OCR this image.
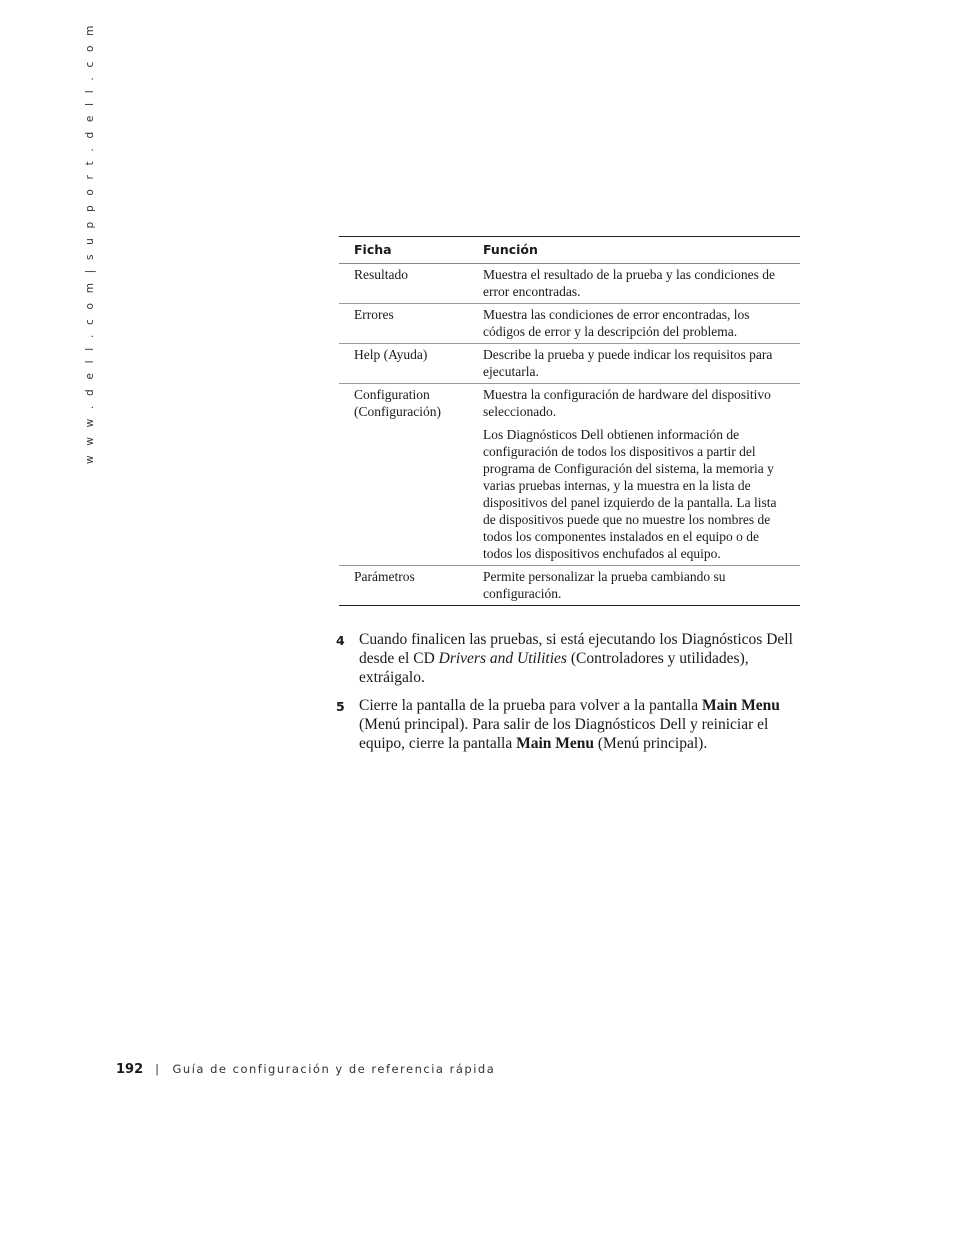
w w w . d e l l . c o m | s u p p o r t . d e l l . c o m	Ficha	Función
Resultado	Muestra el resultado de la prueba y las condiciones de error encontradas.

Errores	Muestra las condiciones de error encontradas, los códigos de error y la descripción del problema.

Help (Ayuda)	Describe la prueba y puede indicar los requisitos para ejecutarla.

Configuration (Configuración)	Muestra la configuración de hardware del dispositivo seleccionado.

Los Diagnósticos Dell obtienen información de configuración de todos los dispositivos a partir del programa de Configuración del sistema, la memoria y varias pruebas internas, y la muestra en la lista de dispositivos del panel izquierdo de la pantalla. La lista de dispositivos puede que no muestre los nombres de todos los componentes instalados en el equipo o de todos los dispositivos enchufados al equipo.

Parámetros	Permite personalizar la prueba cambiando su configuración.

4 Cuando finalicen las pruebas, si está ejecutando los Diagnósticos Dell desde el CD Drivers and Utilities (Controladores y utilidades), extráigalo.
5 Cierre la pantalla de la prueba para volver a la pantalla Main Menu (Menú principal). Para salir de los Diagnósticos Dell y reiniciar el equipo, cierre la pantalla Main Menu (Menú principal).
192 | Guía de configuración y de referencia rápida
